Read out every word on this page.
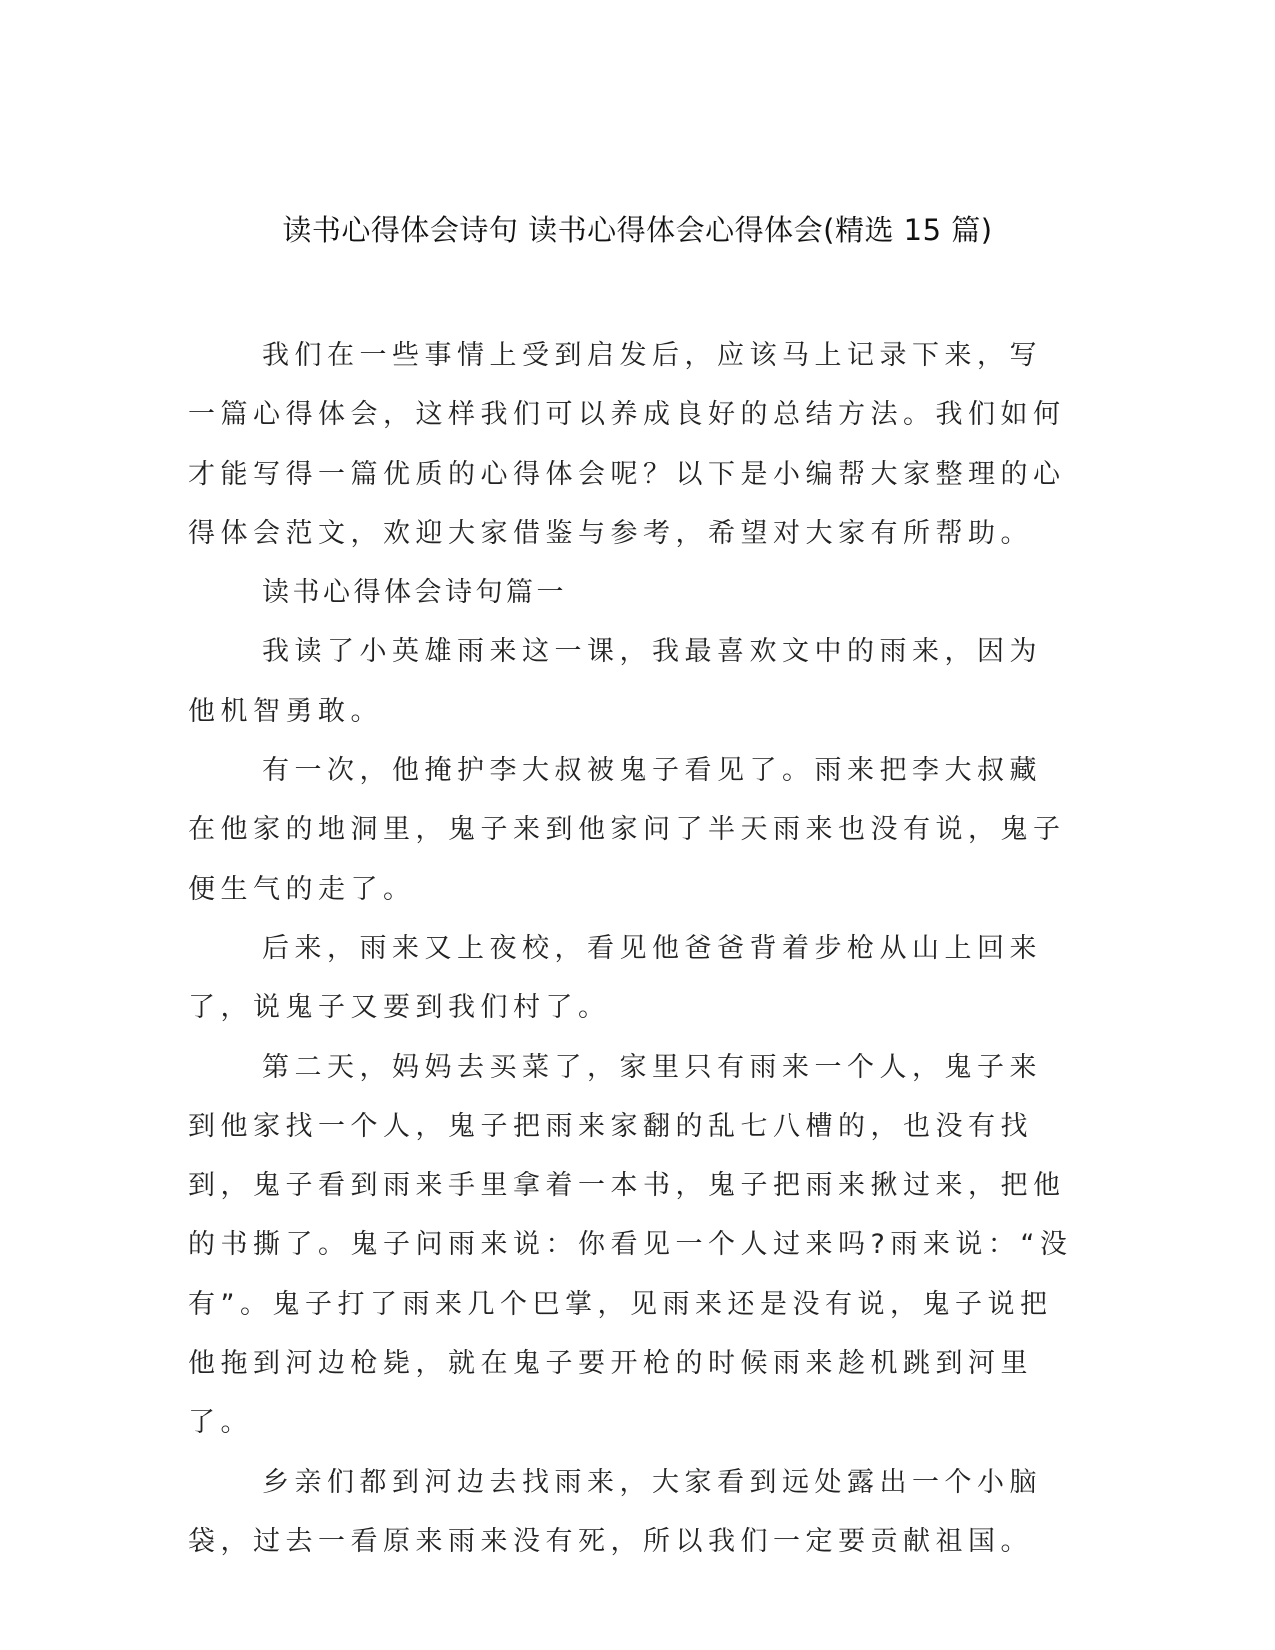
读书心得体会诗句 读书心得体会心得体会(精选 15 篇)

我们在一些事情上受到启发后，应该马上记录下来，写一篇心得体会，这样我们可以养成良好的总结方法。我们如何才能写得一篇优质的心得体会呢？以下是小编帮大家整理的心得体会范文，欢迎大家借鉴与参考，希望对大家有所帮助。

读书心得体会诗句篇一

我读了小英雄雨来这一课，我最喜欢文中的雨来，因为他机智勇敢。

有一次，他掩护李大叔被鬼子看见了。雨来把李大叔藏在他家的地洞里，鬼子来到他家问了半天雨来也没有说，鬼子便生气的走了。

后来，雨来又上夜校，看见他爸爸背着步枪从山上回来了，说鬼子又要到我们村了。

第二天，妈妈去买菜了，家里只有雨来一个人，鬼子来到他家找一个人，鬼子把雨来家翻的乱七八槽的，也没有找到，鬼子看到雨来手里拿着一本书，鬼子把雨来揪过来，把他的书撕了。鬼子问雨来说：你看见一个人过来吗?雨来说：“没有”。鬼子打了雨来几个巴掌，见雨来还是没有说，鬼子说把他拖到河边枪毙，就在鬼子要开枪的时候雨来趁机跳到河里了。

乡亲们都到河边去找雨来，大家看到远处露出一个小脑袋，过去一看原来雨来没有死，所以我们一定要贡献祖国。
